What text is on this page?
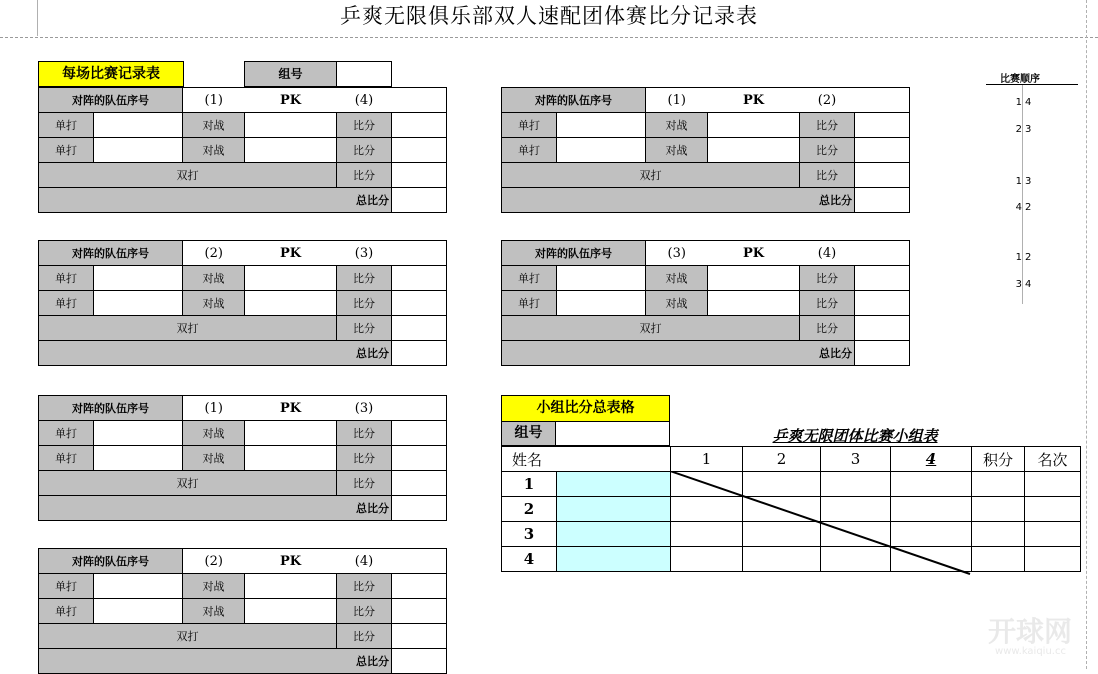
乒爽无限俱乐部双人速配团体赛比分记录表
每场比赛记录表	组号	比赛顺序
1 4
2 3
1 3
4 2
1 2
3 4
对阵的队伍序号		(1)	PK	(4)	
单打		对战		比分	
单打		对战		比分	
双打				比分	
总比分					
对阵的队伍序号		(2)	PK	(3)	
单打		对战		比分	
单打		对战		比分	
双打				比分	
总比分					
对阵的队伍序号		(1)	PK	(3)	
单打		对战		比分	
单打		对战		比分	
双打				比分	
总比分					
对阵的队伍序号		(2)	PK	(4)	
单打		对战		比分	
单打		对战		比分	
双打				比分	
总比分					
对阵的队伍序号		(1)	PK	(2)	
单打		对战		比分	
单打		对战		比分	
双打				比分	
总比分					
对阵的队伍序号		(3)	PK	(4)	
单打		对战		比分	
单打		对战		比分	
双打				比分	
总比分					
小组比分总表格
组号	乒爽无限团体比赛小组表
姓名		1	2	3	4	积分	名次
1							
2							
3							
4							
开球网
www.kaiqiu.cc
